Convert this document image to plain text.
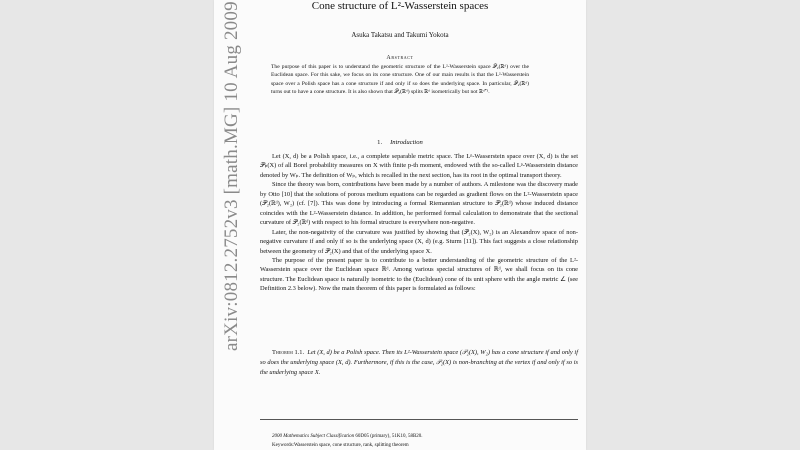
arXiv:0812.2752v3 [math.MG] 10 Aug 2009	Cone structure of L²-Wasserstein spaces
Asuka Takatsu and Takumi Yokota
Abstract
The purpose of this paper is to understand the geometric structure of the L²-Wasserstein space 𝒫₂(ℝᵈ) over the Euclidean space. For this sake, we focus on its cone structure. One of our main results is that the L²-Wasserstein space over a Polish space has a cone structure if and only if so does the underlying space. In particular, 𝒫₂(ℝᵈ) turns out to have a cone structure. It is also shown that 𝒫₂(ℝᵈ) splits ℝᵈ isometrically but not ℝᵈ⁺¹.
1. Introduction

Let (X, d) be a Polish space, i.e., a complete separable metric space. The Lᵖ-Wasserstein space over (X, d) is the set 𝒫ₚ(X) of all Borel probability measures on X with finite p-th moment, endowed with the so-called Lᵖ-Wasserstein distance denoted by Wₚ. The definition of Wₚ, which is recalled in the next section, has its root in the optimal transport theory.

Since the theory was born, contributions have been made by a number of authors. A milestone was the discovery made by Otto [10] that the solutions of porous medium equations can be regarded as gradient flows on the L²-Wasserstein space (𝒫₂(ℝᵈ), W₂) (cf. [7]). This was done by introducing a formal Riemannian structure to 𝒫₂(ℝᵈ) whose induced distance coincides with the L²-Wasserstein distance. In addition, he performed formal calculation to demonstrate that the sectional curvature of 𝒫₂(ℝᵈ) with respect to his formal structure is everywhere non-negative.

Later, the non-negativity of the curvature was justified by showing that (𝒫₂(X), W₂) is an Alexandrov space of non-negative curvature if and only if so is the underlying space (X, d) (e.g. Sturm [11]). This fact suggests a close relationship between the geometry of 𝒫₂(X) and that of the underlying space X.

The purpose of the present paper is to contribute to a better understanding of the geometric structure of the L²-Wasserstein space over the Euclidean space ℝᵈ. Among various special structures of ℝᵈ, we shall focus on its cone structure. The Euclidean space is naturally isometric to the (Euclidean) cone of its unit sphere with the angle metric ∠ (see Definition 2.3 below). Now the main theorem of this paper is formulated as follows:

Theorem 1.1. Let (X, d) be a Polish space. Then its L²-Wasserstein space (𝒫₂(X), W₂) has a cone structure if and only if so does the underlying space (X, d). Furthermore, if this is the case, 𝒫₂(X) is non-branching at the vertex if and only if so is the underlying space X.
2000 Mathematics Subject Classification 60D05 (primary), 51K10, 58B20.
Keywords:Wasserstein space, cone structure, rank, splitting theorem
